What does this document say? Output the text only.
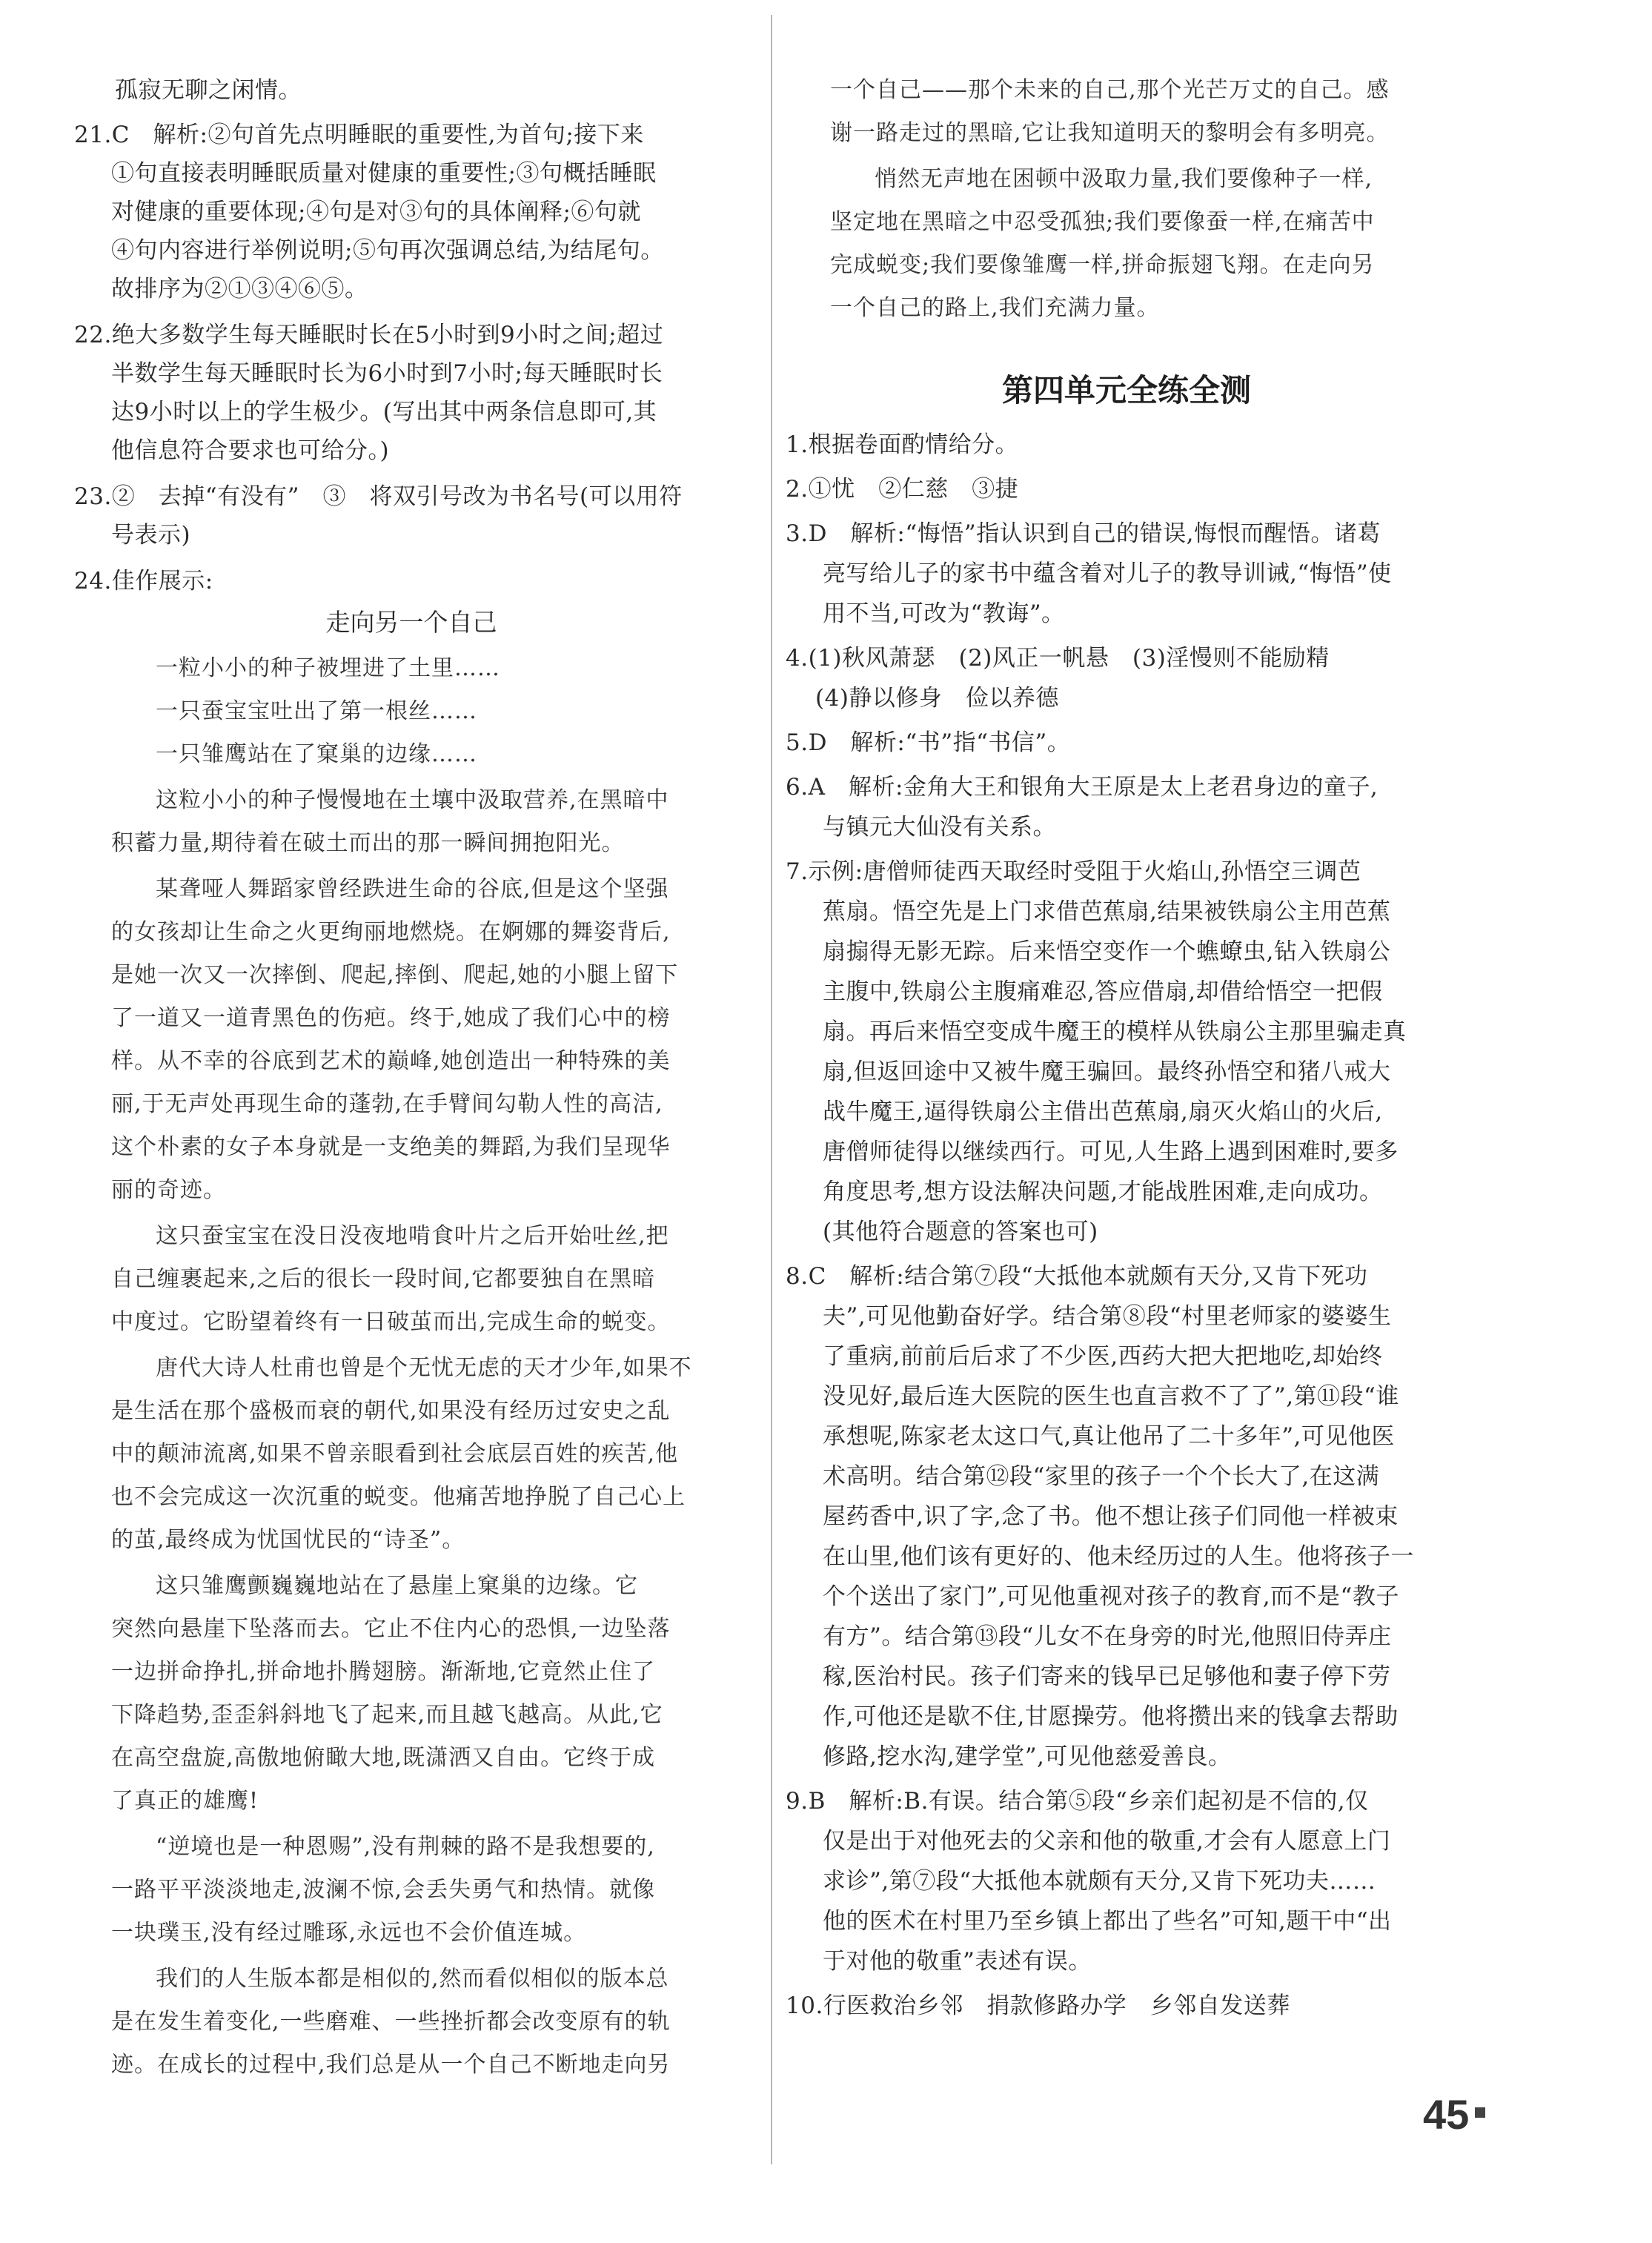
走向另一个自己
孤寂无聊之闲情。
21.C　解析:②句首先点明睡眠的重要性,为首句;接下来
①句直接表明睡眠质量对健康的重要性;③句概括睡眠
对健康的重要体现;④句是对③句的具体阐释;⑥句就
④句内容进行举例说明;⑤句再次强调总结,为结尾句。
故排序为②①③④⑥⑤。
22.绝大多数学生每天睡眠时长在5小时到9小时之间;超过
半数学生每天睡眠时长为6小时到7小时;每天睡眠时长
达9小时以上的学生极少。(写出其中两条信息即可,其
他信息符合要求也可给分。)
23.②　去掉“有没有”　③　将双引号改为书名号(可以用符
号表示)
24.佳作展示:
一粒小小的种子被埋进了土里……
一只蚕宝宝吐出了第一根丝……
一只雏鹰站在了窠巢的边缘……
这粒小小的种子慢慢地在土壤中汲取营养,在黑暗中
积蓄力量,期待着在破土而出的那一瞬间拥抱阳光。
某聋哑人舞蹈家曾经跌进生命的谷底,但是这个坚强
的女孩却让生命之火更绚丽地燃烧。在婀娜的舞姿背后,
是她一次又一次摔倒、爬起,摔倒、爬起,她的小腿上留下
了一道又一道青黑色的伤疤。终于,她成了我们心中的榜
样。从不幸的谷底到艺术的巅峰,她创造出一种特殊的美
丽,于无声处再现生命的蓬勃,在手臂间勾勒人性的高洁,
这个朴素的女子本身就是一支绝美的舞蹈,为我们呈现华
丽的奇迹。
这只蚕宝宝在没日没夜地啃食叶片之后开始吐丝,把
自己缠裹起来,之后的很长一段时间,它都要独自在黑暗
中度过。它盼望着终有一日破茧而出,完成生命的蜕变。
唐代大诗人杜甫也曾是个无忧无虑的天才少年,如果不
是生活在那个盛极而衰的朝代,如果没有经历过安史之乱
中的颠沛流离,如果不曾亲眼看到社会底层百姓的疾苦,他
也不会完成这一次沉重的蜕变。他痛苦地挣脱了自己心上
的茧,最终成为忧国忧民的“诗圣”。
这只雏鹰颤巍巍地站在了悬崖上窠巢的边缘。它
突然向悬崖下坠落而去。它止不住内心的恐惧,一边坠落
一边拼命挣扎,拼命地扑腾翅膀。渐渐地,它竟然止住了
下降趋势,歪歪斜斜地飞了起来,而且越飞越高。从此,它
在高空盘旋,高傲地俯瞰大地,既潇洒又自由。它终于成
了真正的雄鹰!
“逆境也是一种恩赐”,没有荆棘的路不是我想要的,
一路平平淡淡地走,波澜不惊,会丢失勇气和热情。就像
一块璞玉,没有经过雕琢,永远也不会价值连城。
我们的人生版本都是相似的,然而看似相似的版本总
是在发生着变化,一些磨难、一些挫折都会改变原有的轨
迹。在成长的过程中,我们总是从一个自己不断地走向另
第四单元全练全测
一个自己——那个未来的自己,那个光芒万丈的自己。感
谢一路走过的黑暗,它让我知道明天的黎明会有多明亮。
悄然无声地在困顿中汲取力量,我们要像种子一样,
坚定地在黑暗之中忍受孤独;我们要像蚕一样,在痛苦中
完成蜕变;我们要像雏鹰一样,拼命振翅飞翔。在走向另
一个自己的路上,我们充满力量。
1.根据卷面酌情给分。
2.①忧　②仁慈　③捷
3.D　解析:“悔悟”指认识到自己的错误,悔恨而醒悟。诸葛
亮写给儿子的家书中蕴含着对儿子的教导训诫,“悔悟”使
用不当,可改为“教诲”。
4.(1)秋风萧瑟　(2)风正一帆悬　(3)淫慢则不能励精
(4)静以修身　俭以养德
5.D　解析:“书”指“书信”。
6.A　解析:金角大王和银角大王原是太上老君身边的童子,
与镇元大仙没有关系。
7.示例:唐僧师徒西天取经时受阻于火焰山,孙悟空三调芭
蕉扇。悟空先是上门求借芭蕉扇,结果被铁扇公主用芭蕉
扇搧得无影无踪。后来悟空变作一个蟭蟟虫,钻入铁扇公
主腹中,铁扇公主腹痛难忍,答应借扇,却借给悟空一把假
扇。再后来悟空变成牛魔王的模样从铁扇公主那里骗走真
扇,但返回途中又被牛魔王骗回。最终孙悟空和猪八戒大
战牛魔王,逼得铁扇公主借出芭蕉扇,扇灭火焰山的火后,
唐僧师徒得以继续西行。可见,人生路上遇到困难时,要多
角度思考,想方设法解决问题,才能战胜困难,走向成功。
(其他符合题意的答案也可)
8.C　解析:结合第⑦段“大抵他本就颇有天分,又肯下死功
夫”,可见他勤奋好学。结合第⑧段“村里老师家的婆婆生
了重病,前前后后求了不少医,西药大把大把地吃,却始终
没见好,最后连大医院的医生也直言救不了了”,第⑪段“谁
承想呢,陈家老太这口气,真让他吊了二十多年”,可见他医
术高明。结合第⑫段“家里的孩子一个个长大了,在这满
屋药香中,识了字,念了书。他不想让孩子们同他一样被束
在山里,他们该有更好的、他未经历过的人生。他将孩子一
个个送出了家门”,可见他重视对孩子的教育,而不是“教子
有方”。结合第⑬段“儿女不在身旁的时光,他照旧侍弄庄
稼,医治村民。孩子们寄来的钱早已足够他和妻子停下劳
作,可他还是歇不住,甘愿操劳。他将攒出来的钱拿去帮助
修路,挖水沟,建学堂”,可见他慈爱善良。
9.B　解析:B.有误。结合第⑤段“乡亲们起初是不信的,仅
仅是出于对他死去的父亲和他的敬重,才会有人愿意上门
求诊”,第⑦段“大抵他本就颇有天分,又肯下死功夫……
他的医术在村里乃至乡镇上都出了些名”可知,题干中“出
于对他的敬重”表述有误。
10.行医救治乡邻　捐款修路办学　乡邻自发送葬
45
